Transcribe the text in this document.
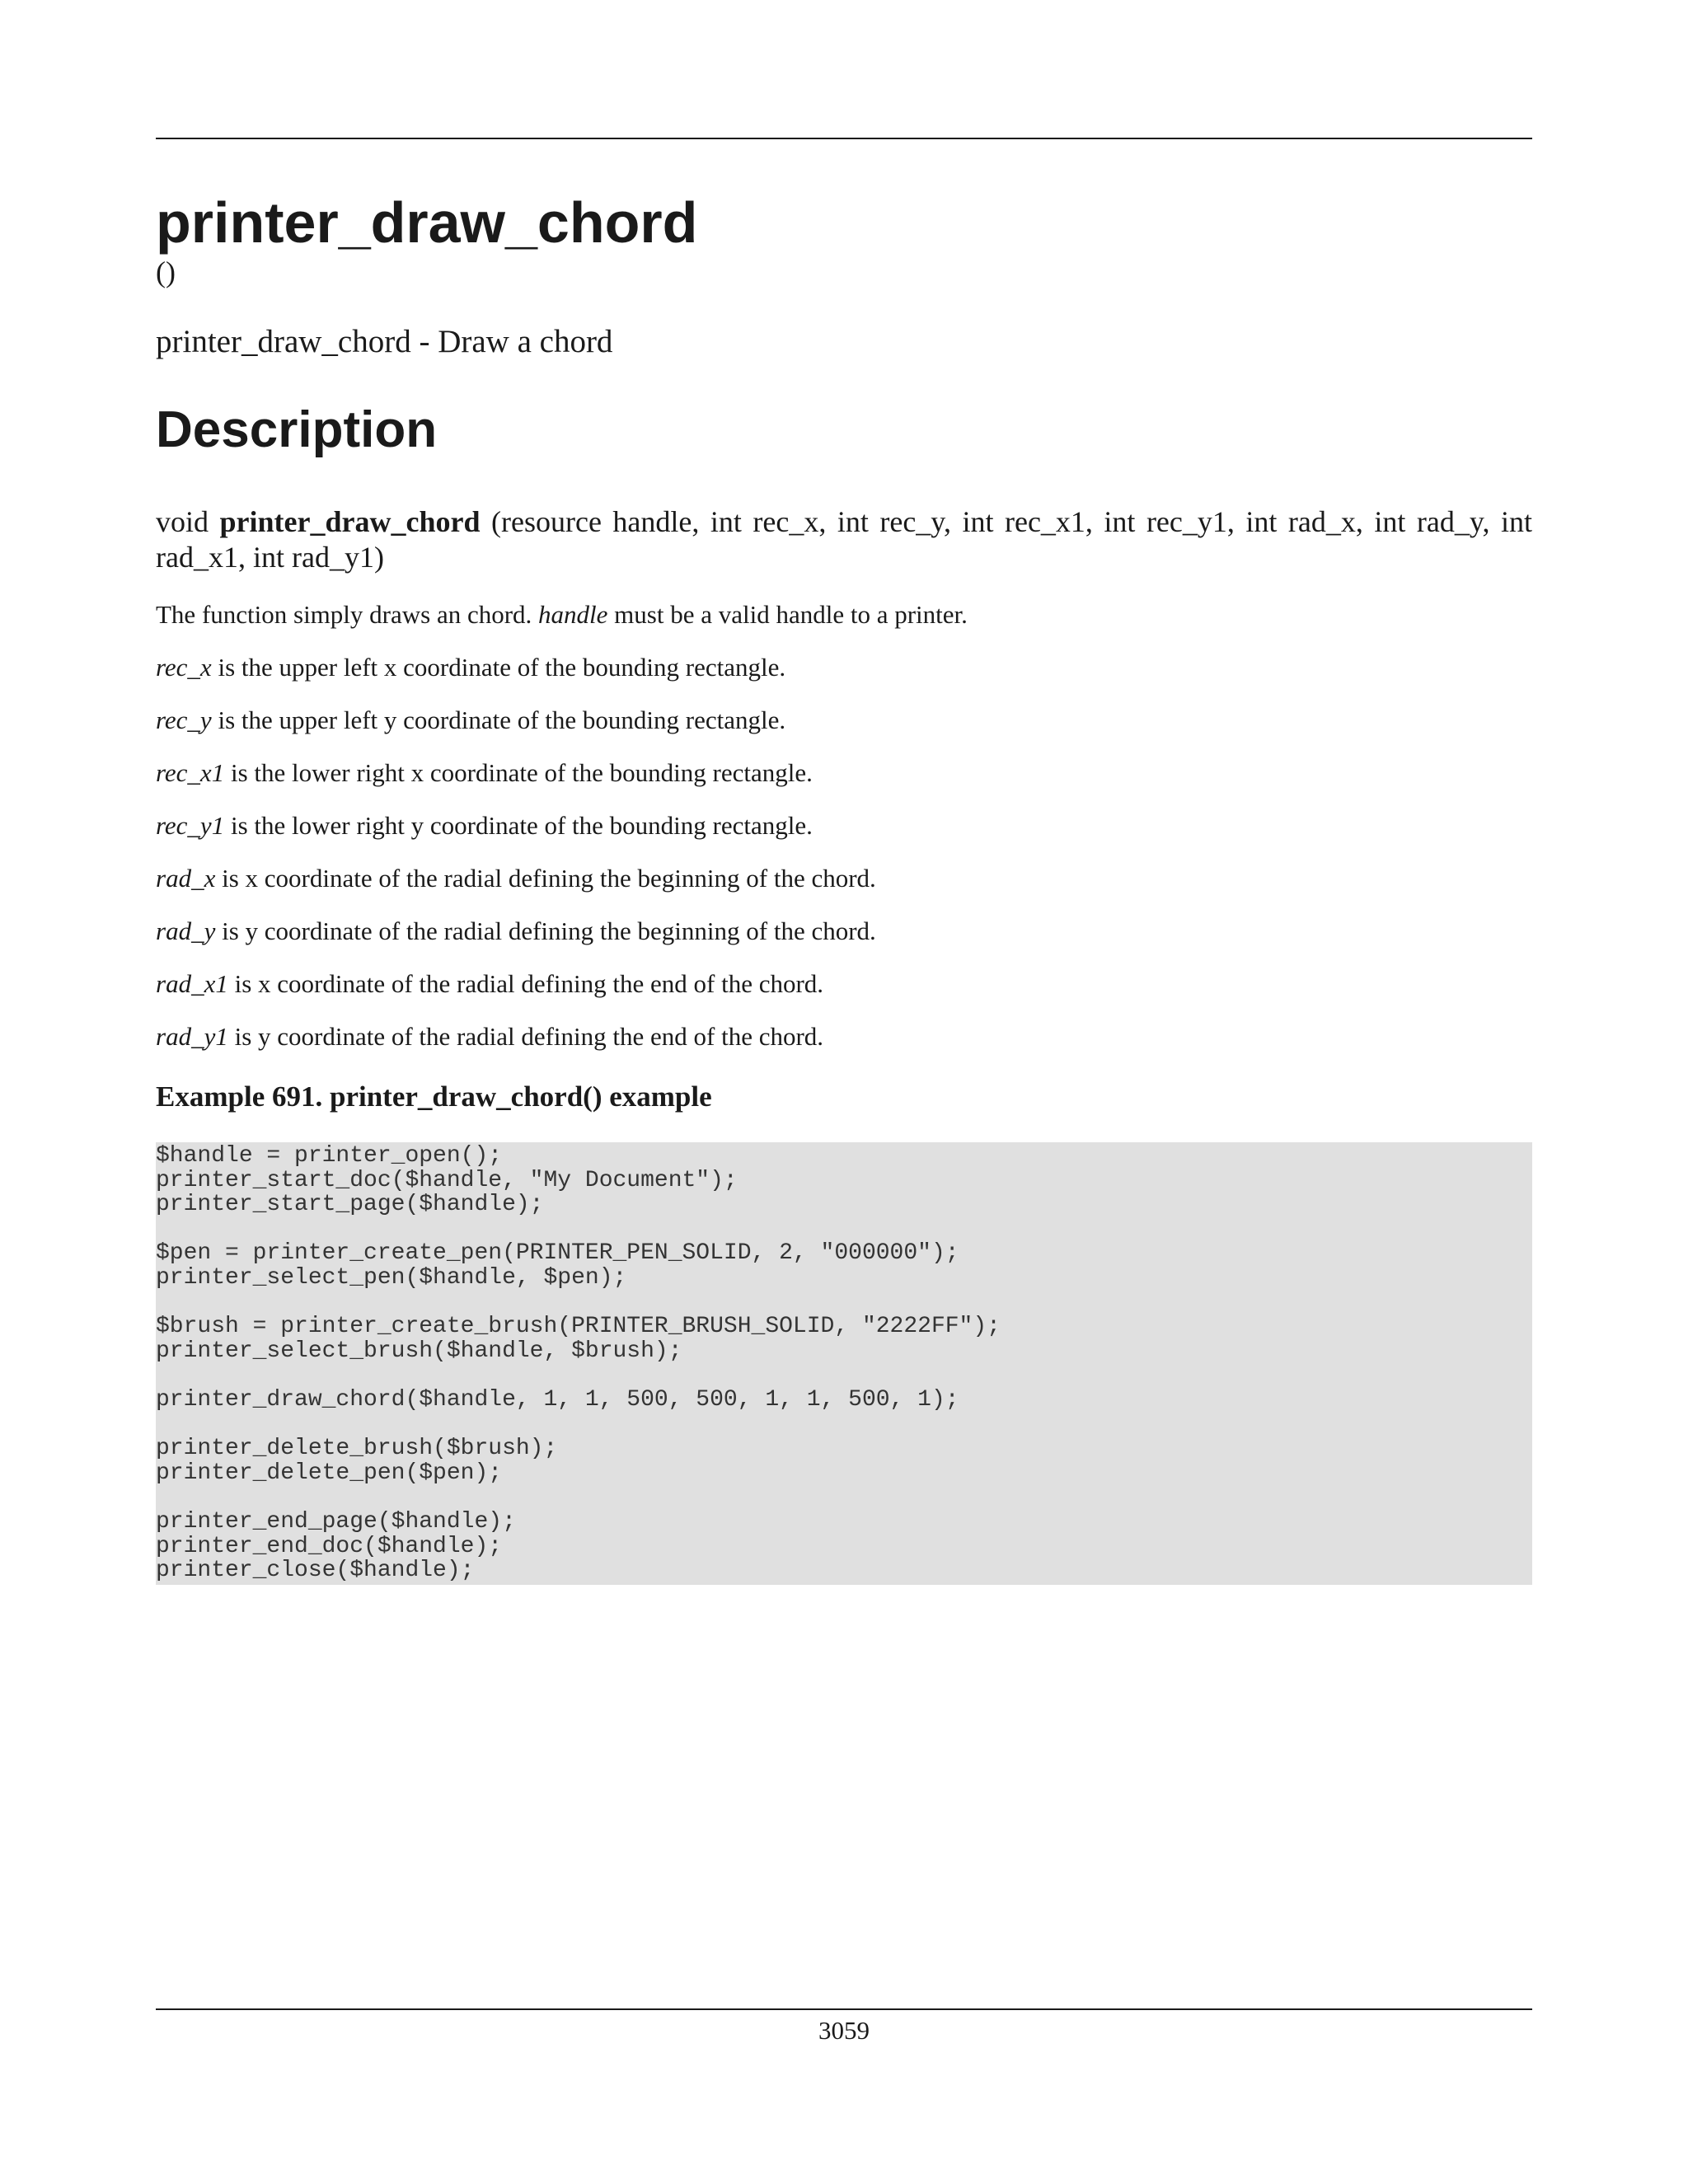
printer_draw_chord
()
printer_draw_chord - Draw a chord
Description
void printer_draw_chord (resource handle, int rec_x, int rec_y, int rec_x1, int rec_y1, int rad_x, int rad_y, int rad_x1, int rad_y1)

The function simply draws an chord. handle must be a valid handle to a printer.

rec_x is the upper left x coordinate of the bounding rectangle.

rec_y is the upper left y coordinate of the bounding rectangle.

rec_x1 is the lower right x coordinate of the bounding rectangle.

rec_y1 is the lower right y coordinate of the bounding rectangle.

rad_x is x coordinate of the radial defining the beginning of the chord.

rad_y is y coordinate of the radial defining the beginning of the chord.

rad_x1 is x coordinate of the radial defining the end of the chord.

rad_y1 is y coordinate of the radial defining the end of the chord.

Example 691. printer_draw_chord() example
$handle = printer_open();
printer_start_doc($handle, "My Document");
printer_start_page($handle);

$pen = printer_create_pen(PRINTER_PEN_SOLID, 2, "000000");
printer_select_pen($handle, $pen);

$brush = printer_create_brush(PRINTER_BRUSH_SOLID, "2222FF");
printer_select_brush($handle, $brush);

printer_draw_chord($handle, 1, 1, 500, 500, 1, 1, 500, 1);

printer_delete_brush($brush);
printer_delete_pen($pen);

printer_end_page($handle);
printer_end_doc($handle);
printer_close($handle);
3059
